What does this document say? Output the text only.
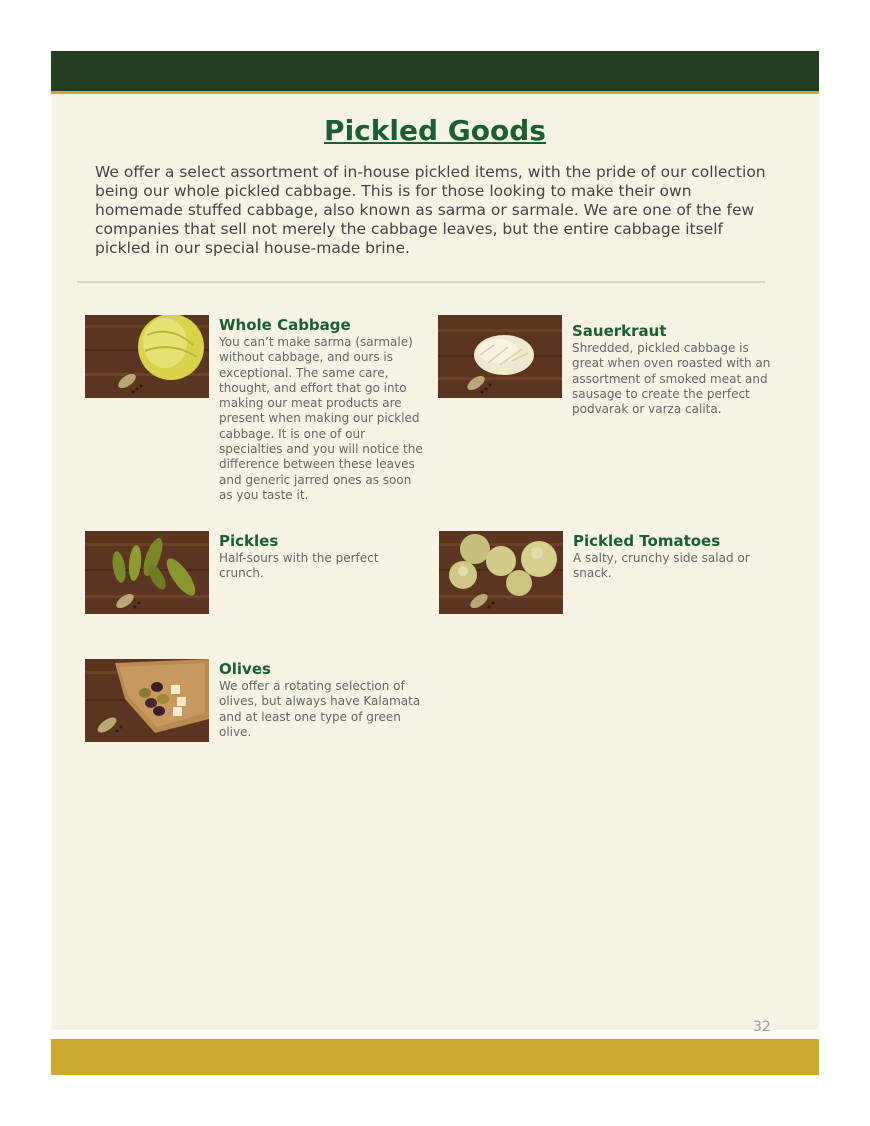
Pickled Goods

We offer a select assortment of in-house pickled items, with the pride of our collection being our whole pickled cabbage. This is for those looking to make their own homemade stuffed cabbage, also known as sarma or sarmale. We are one of the few companies that sell not merely the cabbage leaves, but the entire cabbage itself pickled in our special house-made brine.

Whole Cabbage

You can’t make sarma (sarmale) without cabbage, and ours is exceptional. The same care, thought, and effort that go into making our meat products are present when making our pickled cabbage. It is one of our specialties and you will notice the difference between these leaves and generic jarred ones as soon as you taste it.

Sauerkraut

Shredded, pickled cabbage is great when oven roasted with an assortment of smoked meat and sausage to create the perfect podvarak or varza calita.

Pickles

Half-sours with the perfect crunch.

Pickled Tomatoes

A salty, crunchy side salad or snack.

Olives

We offer a rotating selection of olives, but always have Kalamata and at least one type of green olive.

32
